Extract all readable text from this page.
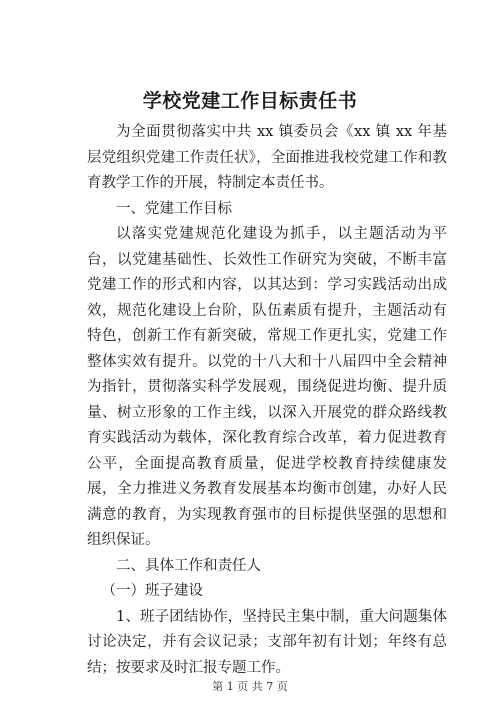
学校党建工作目标责任书

为全面贯彻落实中共 xx 镇委员会《xx 镇 xx 年基层党组织党建工作责任状》，全面推进我校党建工作和教育教学工作的开展，特制定本责任书。

一、党建工作目标

以落实党建规范化建设为抓手，以主题活动为平台，以党建基础性、长效性工作研究为突破，不断丰富党建工作的形式和内容，以其达到：学习实践活动出成效，规范化建设上台阶，队伍素质有提升，主题活动有特色，创新工作有新突破，常规工作更扎实，党建工作整体实效有提升。以党的十八大和十八届四中全会精神为指针，贯彻落实科学发展观，围绕促进均衡、提升质量、树立形象的工作主线，以深入开展党的群众路线教育实践活动为载体，深化教育综合改革，着力促进教育公平，全面提高教育质量，促进学校教育持续健康发展，全力推进义务教育发展基本均衡市创建，办好人民满意的教育，为实现教育强市的目标提供坚强的思想和组织保证。

二、具体工作和责任人

（一）班子建设

1、班子团结协作，坚持民主集中制，重大问题集体讨论决定，并有会议记录；支部年初有计划；年终有总结；按要求及时汇报专题工作。

第 1 页 共 7 页
